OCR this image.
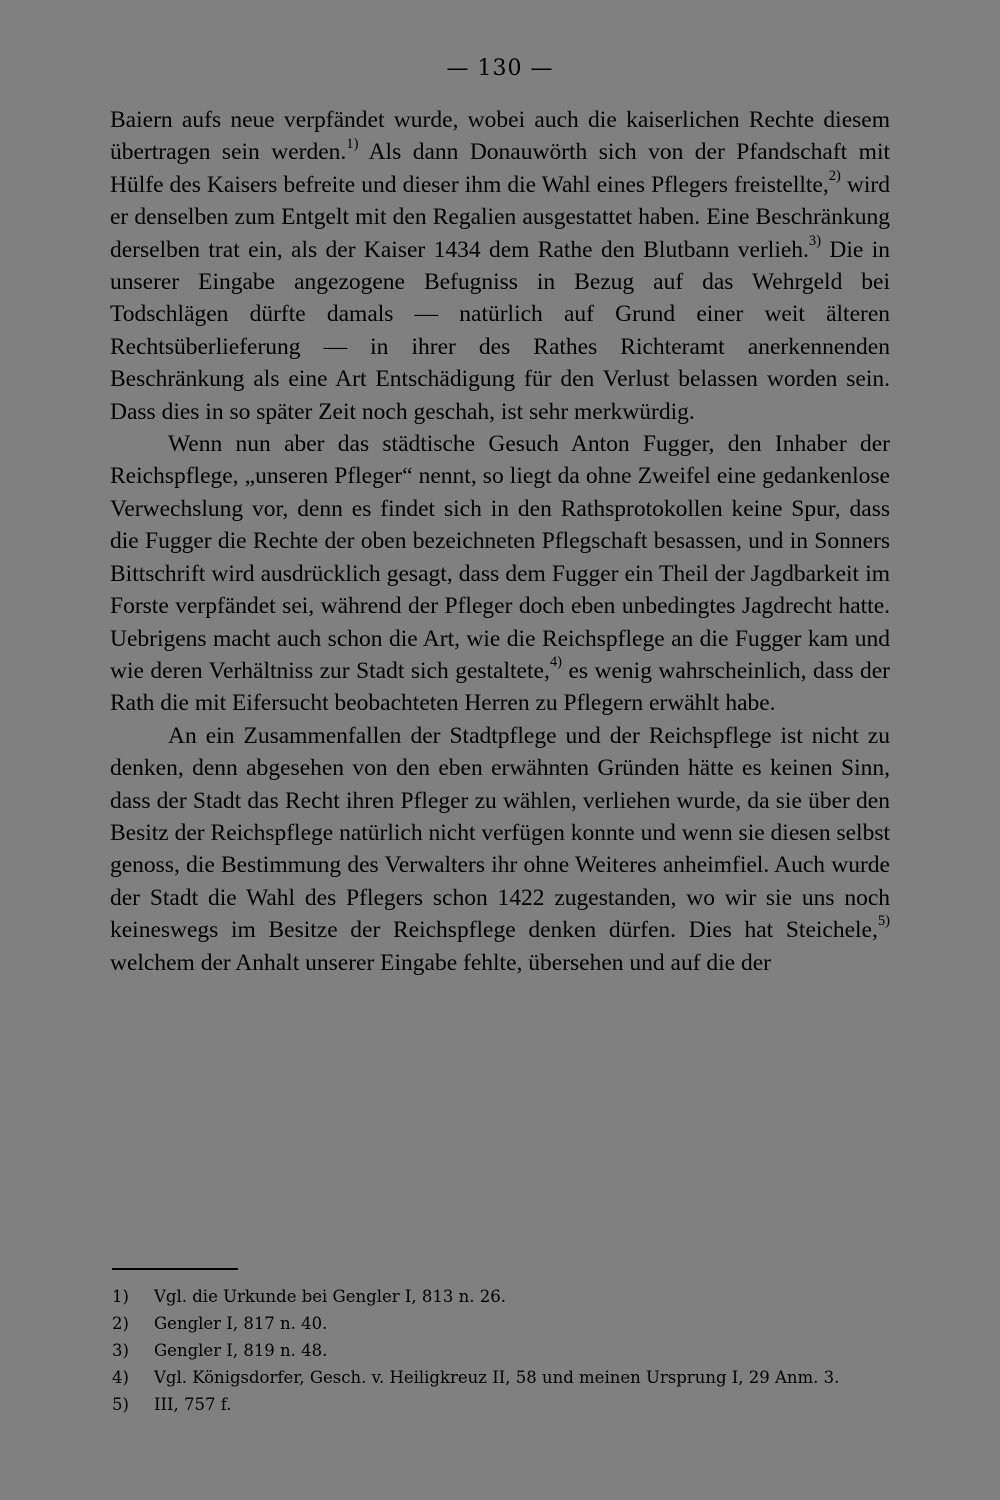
— 130 —

Baiern aufs neue verpfändet wurde, wobei auch die kaiserlichen Rechte diesem übertragen sein werden.$^{1)}$ Als dann Donauwörth sich von der Pfandschaft mit Hülfe des Kaisers befreite und dieser ihm die Wahl eines Pflegers freistellte,$^{2)}$ wird er denselben zum Entgelt mit den Regalien ausgestattet haben. Eine Beschränkung derselben trat ein, als der Kaiser 1434 dem Rathe den Blutbann verlieh.$^{3)}$ Die in unserer Eingabe angezogene Befugniss in Bezug auf das Wehrgeld bei Todschlägen dürfte damals — natürlich auf Grund einer weit älteren Rechtsüberlieferung — in ihrer des Rathes Richteramt anerkennenden Beschränkung als eine Art Entschädigung für den Verlust belassen worden sein. Dass dies in so später Zeit noch geschah, ist sehr merkwürdig.

Wenn nun aber das städtische Gesuch Anton Fugger, den Inhaber der Reichspflege, „unseren Pfleger“ nennt, so liegt da ohne Zweifel eine gedankenlose Verwechslung vor, denn es findet sich in den Rathsprotokollen keine Spur, dass die Fugger die Rechte der oben bezeichneten Pflegschaft besassen, und in Sonners Bittschrift wird ausdrücklich gesagt, dass dem Fugger ein Theil der Jagdbarkeit im Forste verpfändet sei, während der Pfleger doch eben unbedingtes Jagdrecht hatte. Uebrigens macht auch schon die Art, wie die Reichspflege an die Fugger kam und wie deren Verhältniss zur Stadt sich gestaltete,$^{4)}$ es wenig wahrscheinlich, dass der Rath die mit Eifersucht beobachteten Herren zu Pflegern erwählt habe.

An ein Zusammenfallen der Stadtpflege und der Reichspflege ist nicht zu denken, denn abgesehen von den eben erwähnten Gründen hätte es keinen Sinn, dass der Stadt das Recht ihren Pfleger zu wählen, verliehen wurde, da sie über den Besitz der Reichspflege natürlich nicht verfügen konnte und wenn sie diesen selbst genoss, die Bestimmung des Verwalters ihr ohne Weiteres anheimfiel. Auch wurde der Stadt die Wahl des Pflegers schon 1422 zugestanden, wo wir sie uns noch keineswegs im Besitze der Reichspflege denken dürfen. Dies hat Steichele,$^{5)}$ welchem der Anhalt unserer Eingabe fehlte, übersehen und auf die der

1) Vgl. die Urkunde bei Gengler I, 813 n. 26.

2) Gengler I, 817 n. 40.

3) Gengler I, 819 n. 48.

4) Vgl. Königsdorfer, Gesch. v. Heiligkreuz II, 58 und meinen Ursprung I, 29 Anm. 3.

5) III, 757 f.
